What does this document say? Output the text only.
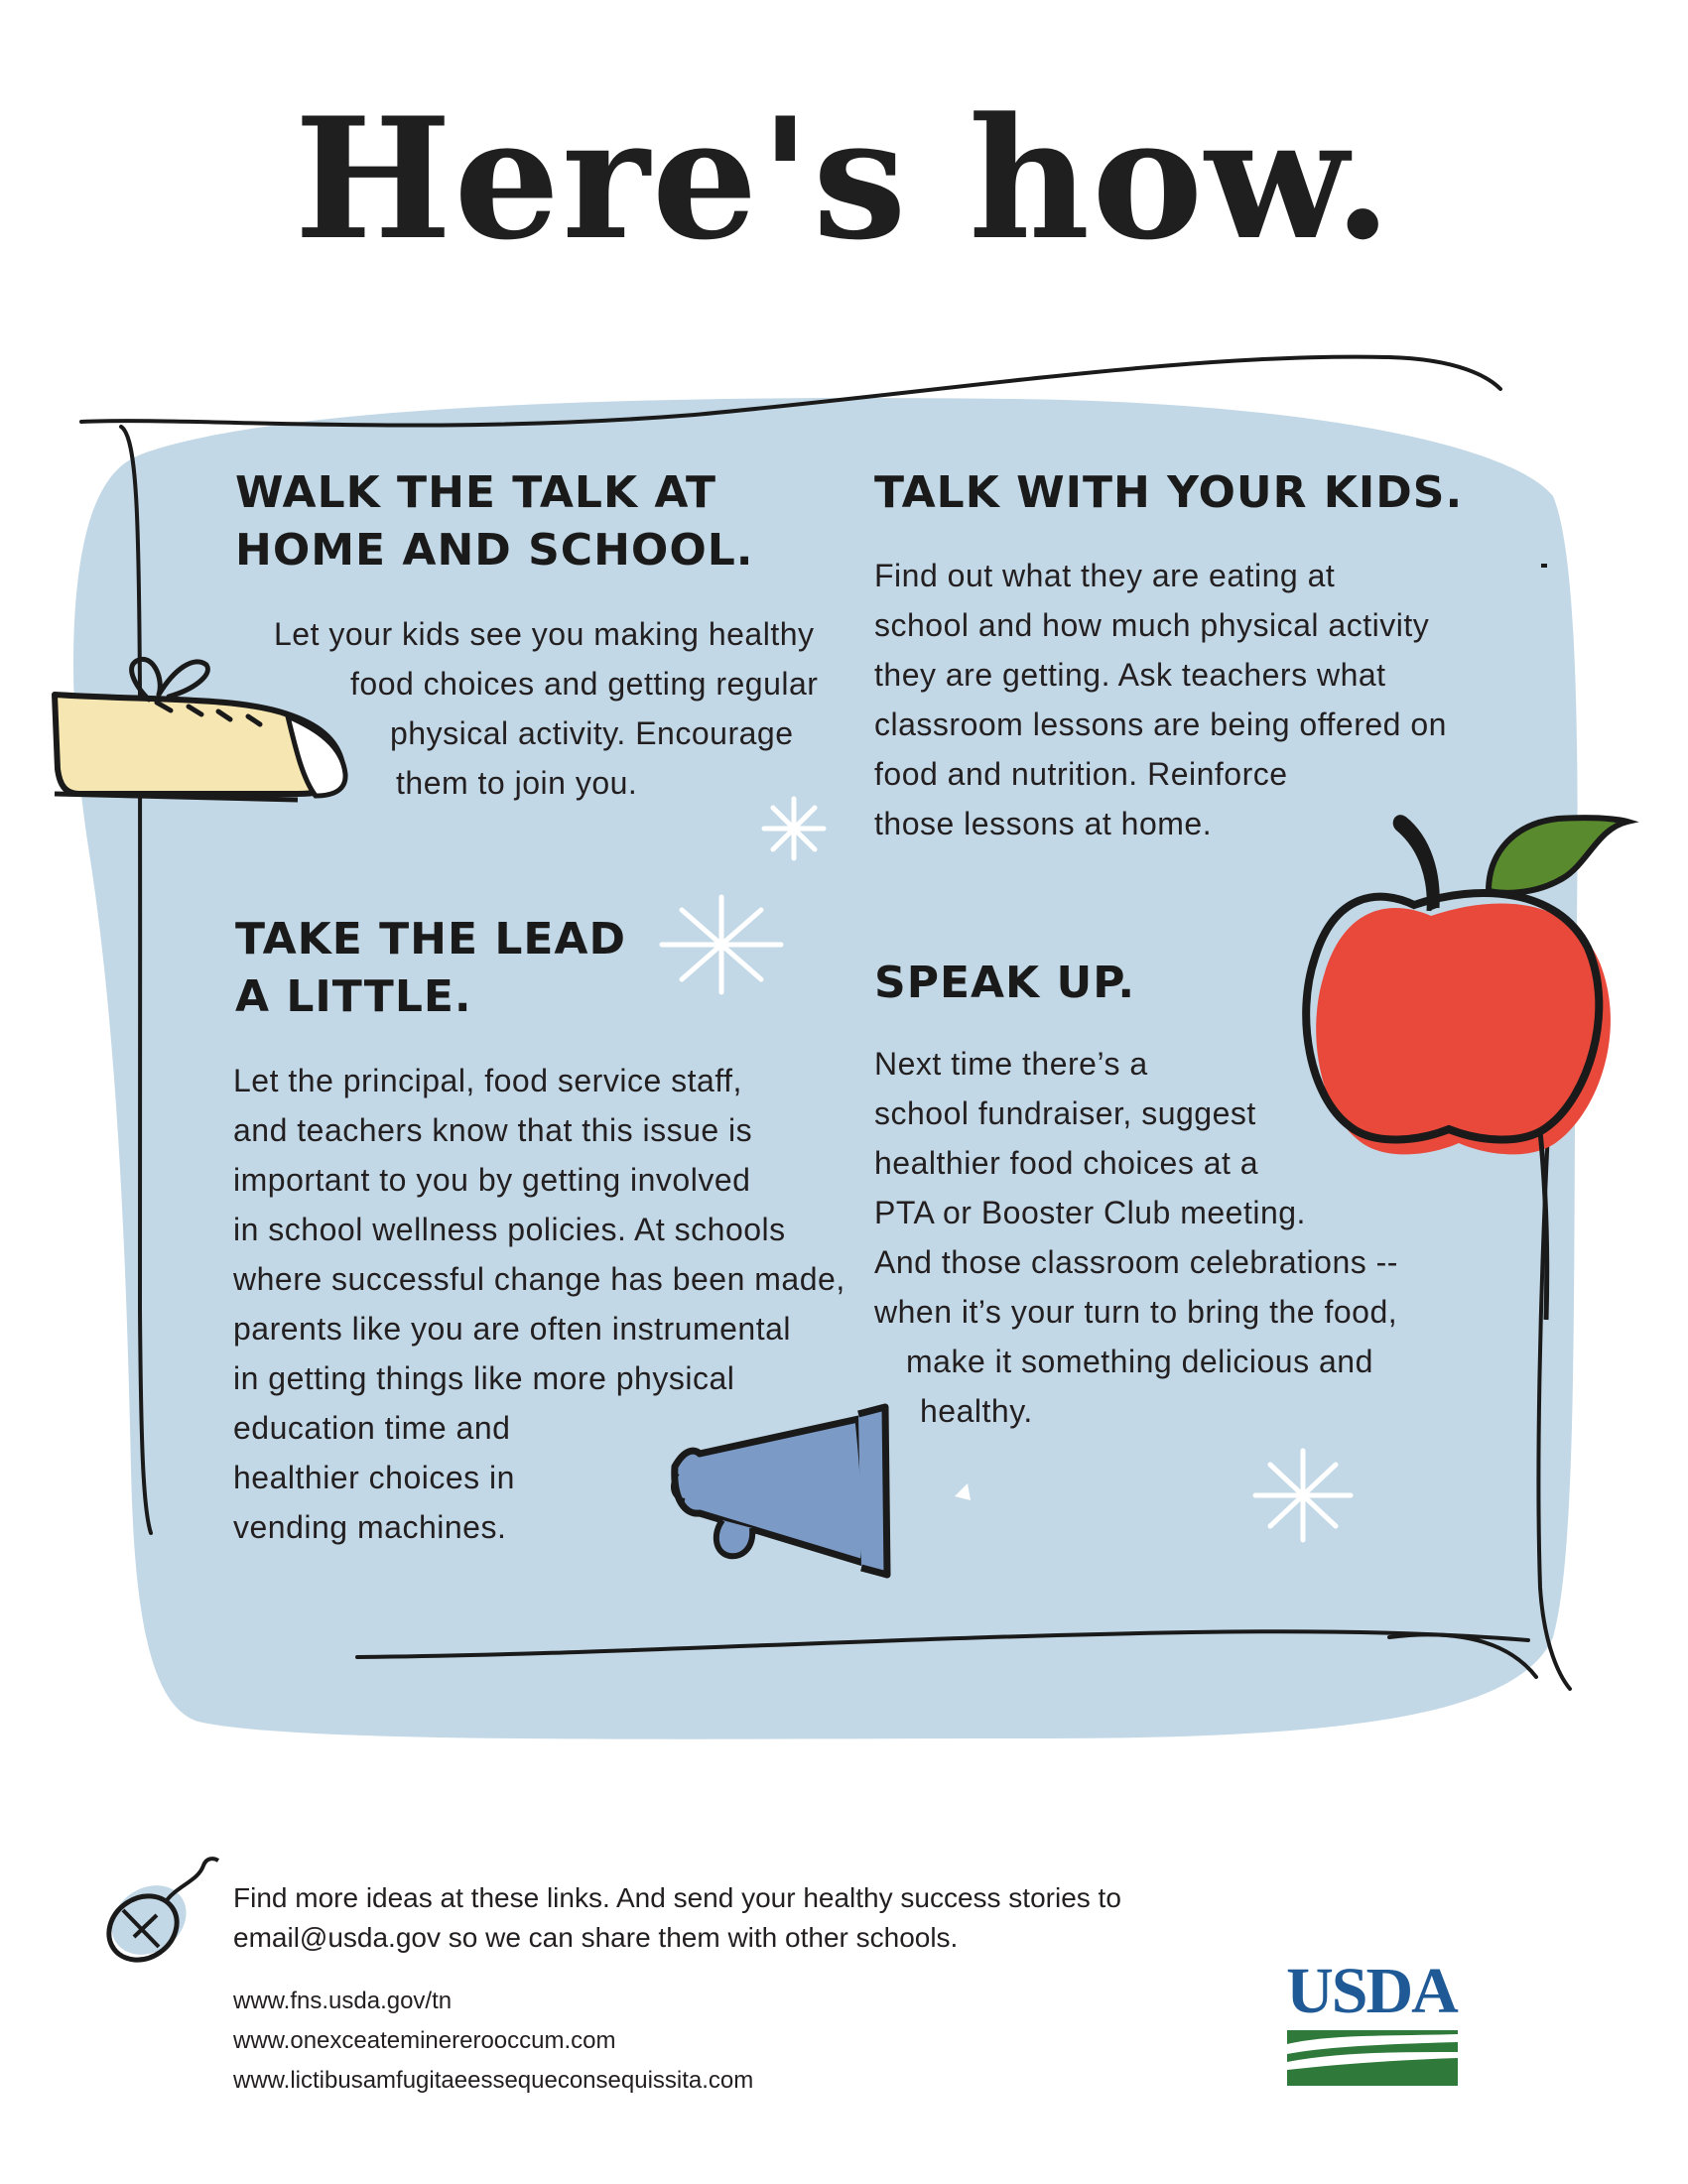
Here's how.
WALK THE TALK AT
HOME AND SCHOOL.
Let your kids see you making healthy
food choices and getting regular
physical activity. Encourage
them to join you.
TALK WITH YOUR KIDS.
Find out what they are eating at
school and how much physical activity
they are getting. Ask teachers what
classroom lessons are being offered on
food and nutrition. Reinforce
those lessons at home.
TAKE THE LEAD
A LITTLE.
Let the principal, food service staff,
and teachers know that this issue is
important to you by getting involved
in school wellness policies. At schools
where successful change has been made,
parents like you are often instrumental
in getting things like more physical
education time and
healthier choices in
vending machines.
SPEAK UP.
Next time there’s a
school fundraiser, suggest
healthier food choices at a
PTA or Booster Club meeting.
And those classroom celebrations --
when it’s your turn to bring the food,
make it something delicious and
healthy.
Find more ideas at these links. And send your healthy success stories to
email@usda.gov so we can share them with other schools.
www.fns.usda.gov/tn
www.onexceateminereroo​ccum.com
www.lictibusamfugitaeesseque​consequissita.com
USDA
